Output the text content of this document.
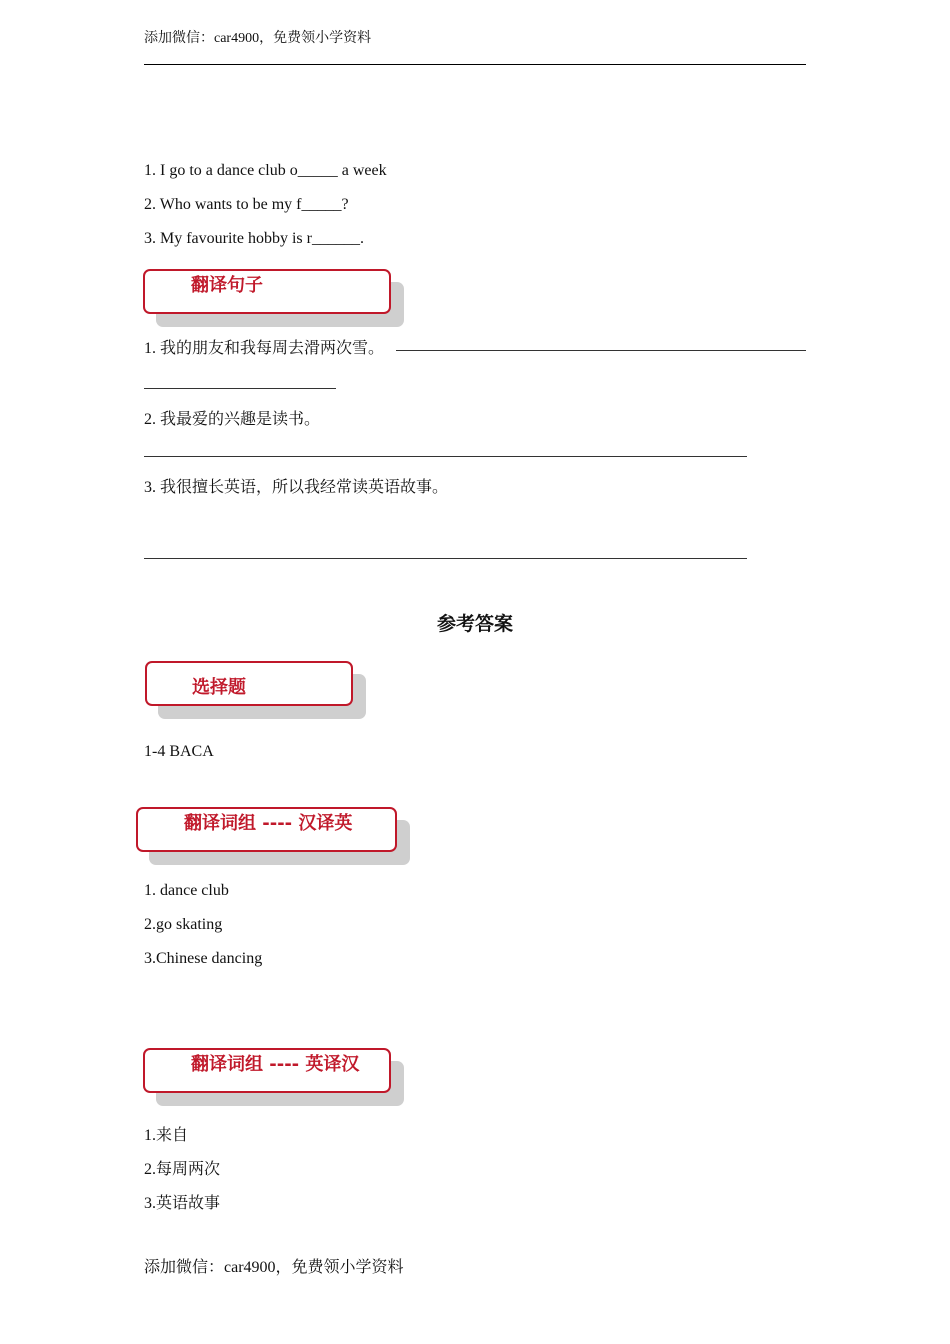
添加微信：car4900，免费领小学资料
1. I go to a dance club o_____ a week
2. Who wants to be my f_____?
3. My favourite hobby is r______.
翻译句子
1. 我的朋友和我每周去滑两次雪。
2. 我最爱的兴趣是读书。
3. 我很擅长英语，所以我经常读英语故事。
参考答案
选择题
1-4 BACA
翻译词组 ---- 汉译英
1. dance club
2.go skating
3.Chinese dancing
翻译词组 ---- 英译汉
1.来自
2.每周两次
3.英语故事
添加微信：car4900，免费领小学资料
